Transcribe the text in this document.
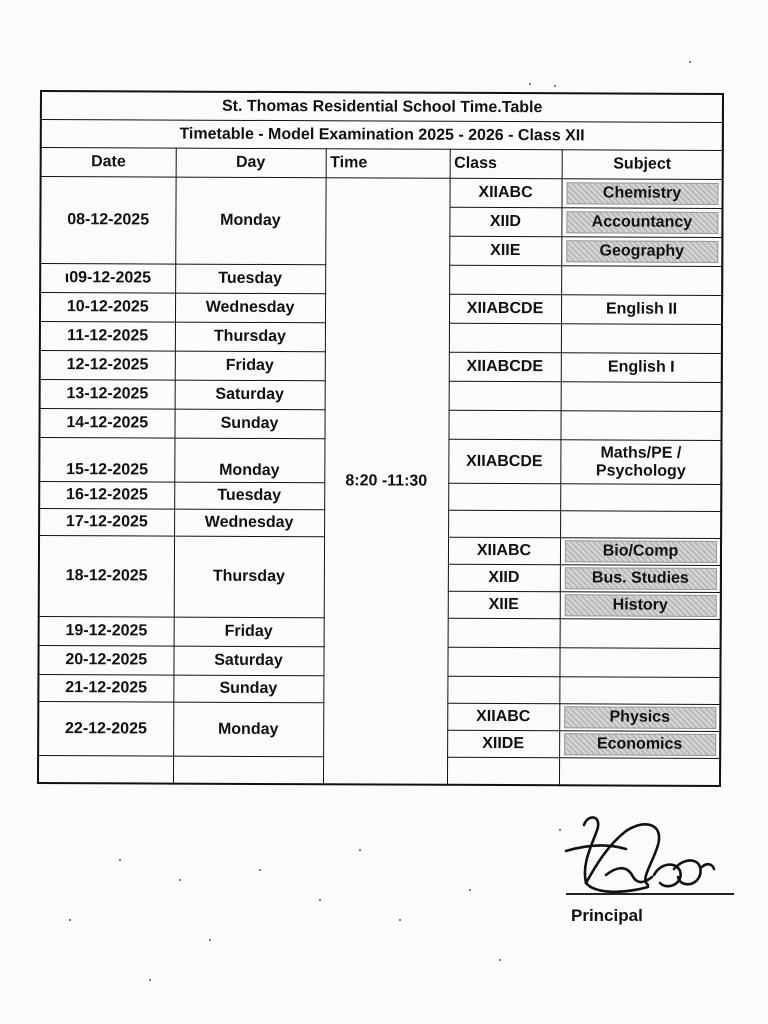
St. Thomas Residential School Time.Table					
Timetable - Model Examination 2025 - 2026 - Class XII					
Date	Day	Time	Class	Subject	
08-12-2025	Monday	8:20 -11:30	XIIABC	Chemistry	
			XIID	Accountancy	
			XIIE	Geography	
ι09-12-2025	Tuesday				
10-12-2025	Wednesday		XIIABCDE	English II	
11-12-2025	Thursday				
12-12-2025	Friday		XIIABCDE	English I	
13-12-2025	Saturday				
14-12-2025	Sunday				
15-12-2025	Monday		XIIABCDE	Maths/PE /
Psychology	

16-12-2025	Tuesday				
17-12-2025	Wednesday				
18-12-2025	Thursday		XIIABC	Bio/Comp	
			XIID	Bus. Studies	
			XIIE	History	
19-12-2025	Friday				
20-12-2025	Saturday				
21-12-2025	Sunday				
22-12-2025	Monday		XIIABC	Physics	
			XIIDE	Economics	

Principal
